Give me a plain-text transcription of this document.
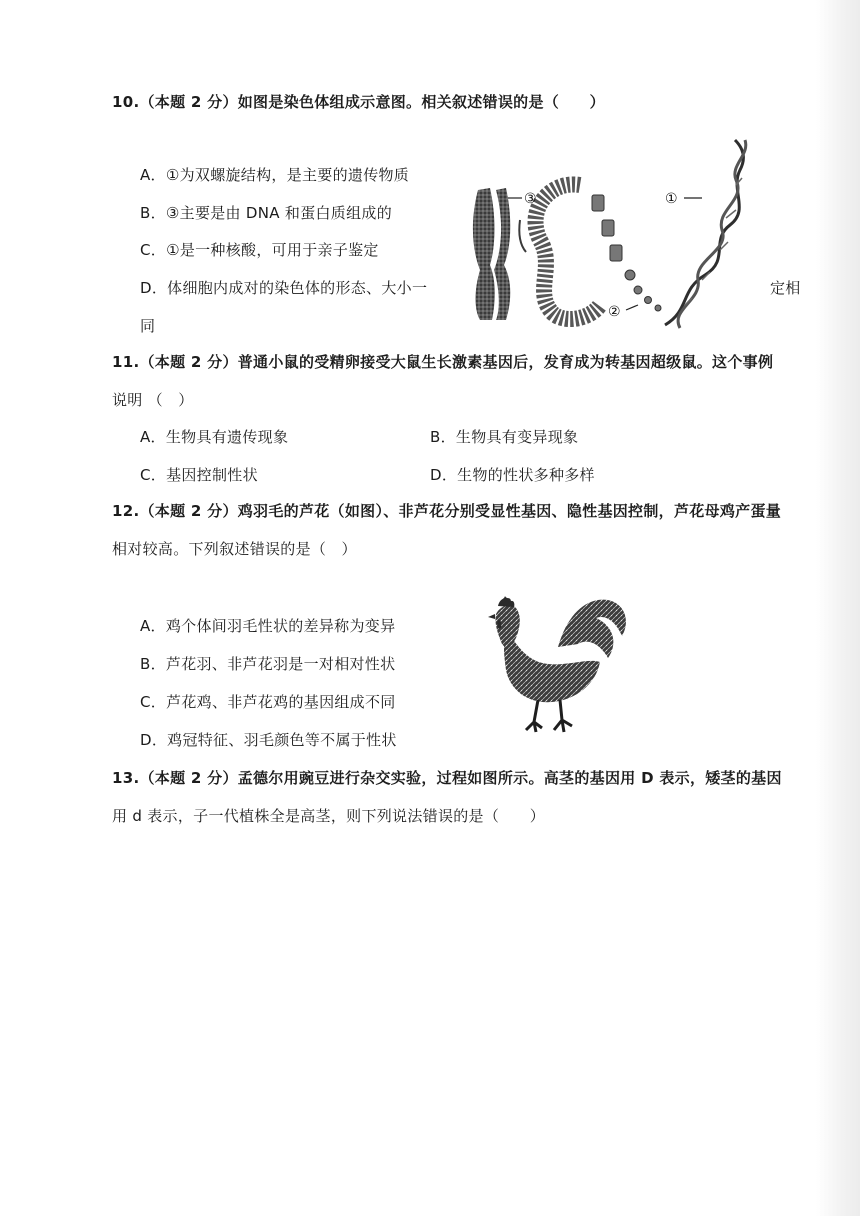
10.（本题 2 分）如图是染色体组成示意图。相关叙述错误的是（　　）
A．①为双螺旋结构，是主要的遗传物质
B．③主要是由 DNA 和蛋白质组成的
C．①是一种核酸，可用于亲子鉴定
D．体细胞内成对的染色体的形态、大小一	定相
同
③	①
②
11.（本题 2 分）普通小鼠的受精卵接受大鼠生长激素基因后，发育成为转基因超级鼠。这个事例
说明 （　）
A．生物具有遗传现象	B．生物具有变异现象
C．基因控制性状	D．生物的性状多种多样
12.（本题 2 分）鸡羽毛的芦花（如图）、非芦花分别受显性基因、隐性基因控制，芦花母鸡产蛋量
相对较高。下列叙述错误的是（　）
A．鸡个体间羽毛性状的差异称为变异
B．芦花羽、非芦花羽是一对相对性状
C．芦花鸡、非芦花鸡的基因组成不同
D．鸡冠特征、羽毛颜色等不属于性状
13.（本题 2 分）孟德尔用豌豆进行杂交实验，过程如图所示。高茎的基因用 D 表示，矮茎的基因
用 d 表示，子一代植株全是高茎，则下列说法错误的是（　　）
